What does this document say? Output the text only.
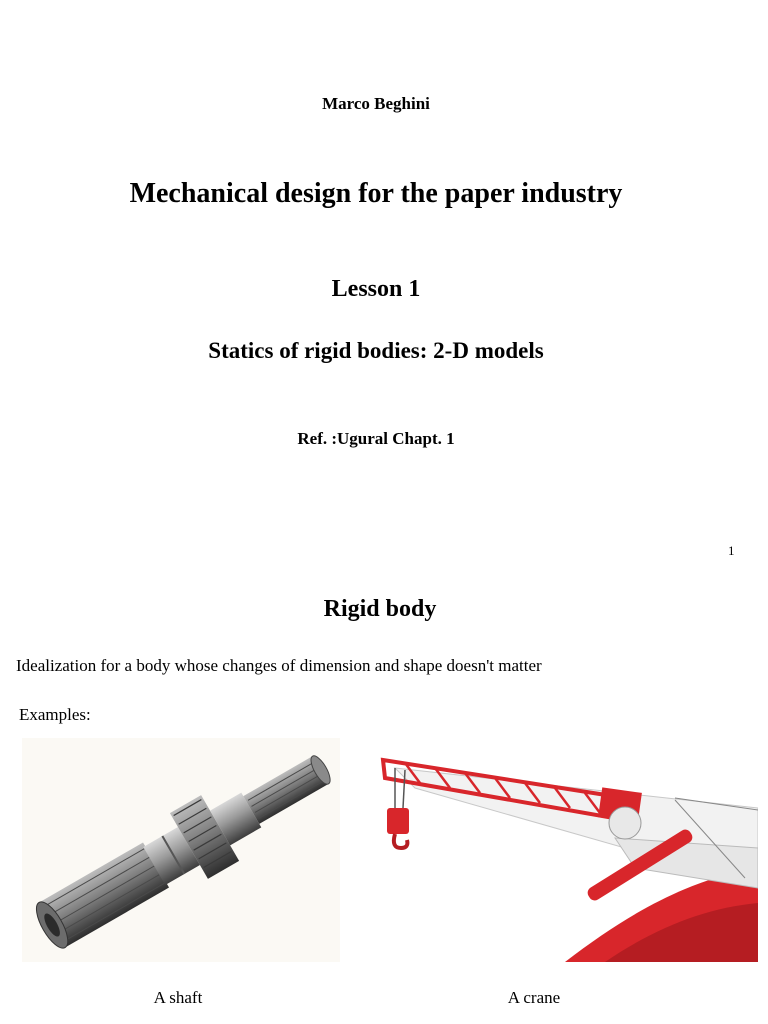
Marco Beghini
Mechanical design for the paper industry
Lesson 1
Statics of rigid bodies: 2-D models
Ref. :Ugural Chapt. 1
1
Rigid body
Idealization for a body whose changes of dimension and shape doesn't matter
Examples:
A shaft	A crane
